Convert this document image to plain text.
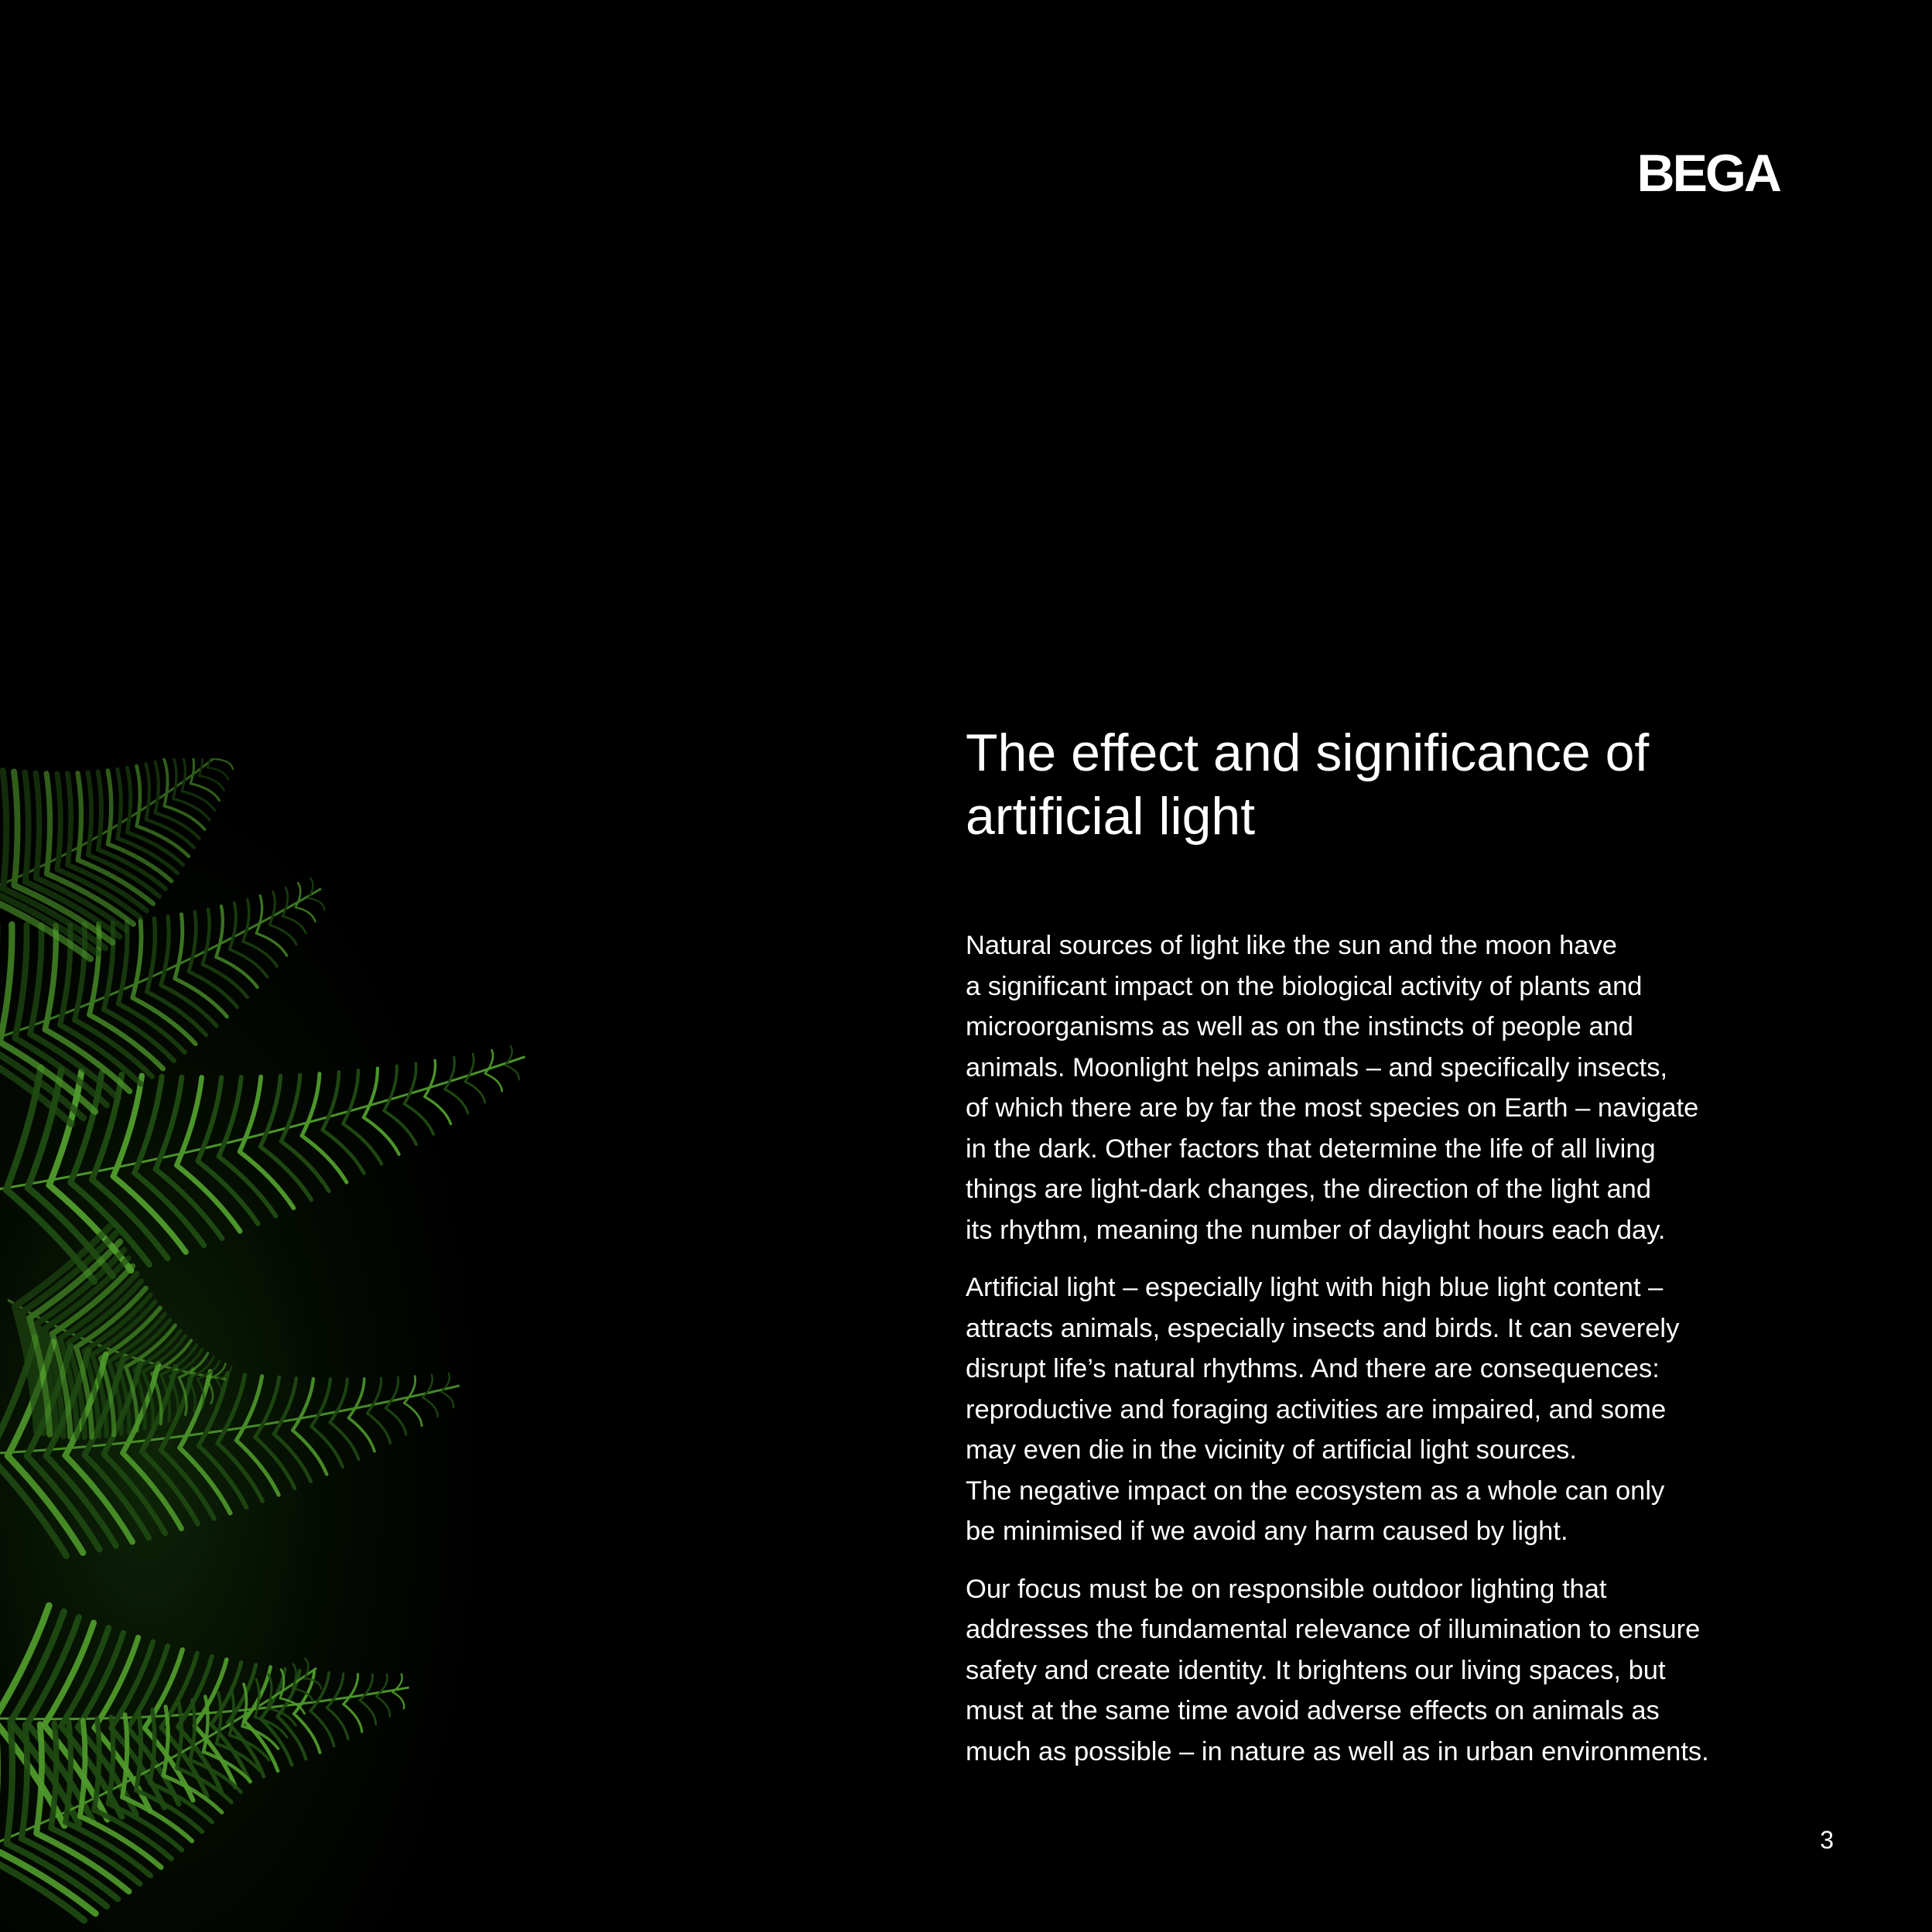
BEGA
The effect and significance of artificial light

Natural sources of light like the sun and the moon have
a significant impact on the biological activity of plants and
microorganisms as well as on the instincts of people and
animals. Moonlight helps animals – and specifically insects,
of which there are by far the most species on Earth – navigate
in the dark. Other factors that determine the life of all living
things are light-dark changes, the direction of the light and
its rhythm, meaning the number of daylight hours each day.

Artificial light – especially light with high blue light content –
attracts animals, especially insects and birds. It can severely
disrupt life’s natural rhythms. And there are consequences:
reproductive and foraging activities are impaired, and some
may even die in the vicinity of artificial light sources.
The negative impact on the ecosystem as a whole can only
be minimised if we avoid any harm caused by light.

Our focus must be on responsible outdoor lighting that
addresses the fundamental relevance of illumination to ensure
safety and create identity. It brightens our living spaces, but
must at the same time avoid adverse effects on animals as
much as possible – in nature as well as in urban environments.

3
